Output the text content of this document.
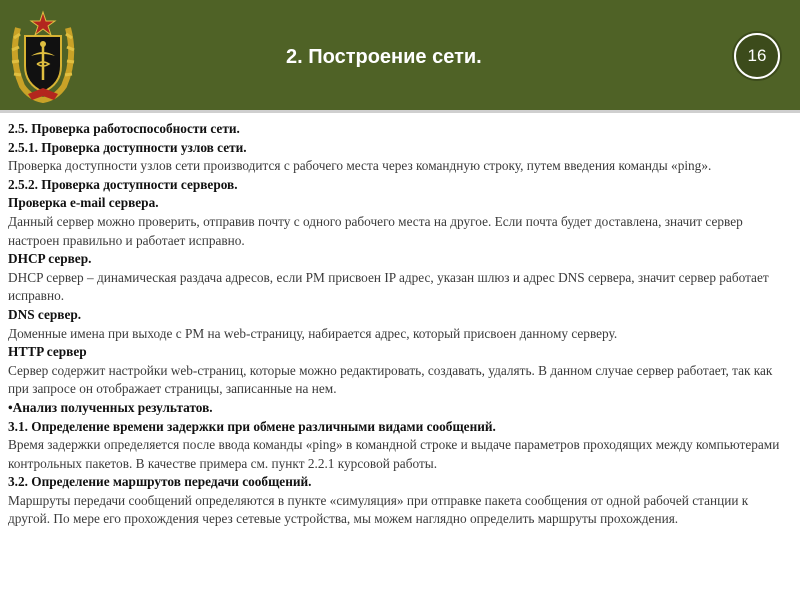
2. Построение сети.	16

2.5. Проверка работоспособности сети.

2.5.1. Проверка доступности узлов сети.

Проверка доступности узлов сети производится с рабочего места через командную строку, путем введения команды «ping».

2.5.2. Проверка доступности серверов.

Проверка e-mail сервера.

Данный сервер можно проверить, отправив почту с одного рабочего места на другое. Если почта будет доставлена, значит сервер настроен правильно и работает исправно.

DHCP сервер.

DHCP сервер – динамическая раздача адресов, если РМ присвоен IP адрес, указан шлюз и адрес DNS сервера, значит сервер работает исправно.

DNS сервер.

Доменные имена при выходе с РМ на web-страницу, набирается адрес, который присвоен данному серверу.

HTTP сервер

Сервер содержит настройки web-страниц, которые можно редактировать, создавать, удалять. В данном случае сервер работает, так как при запросе он отображает страницы, записанные на нем.

•Анализ полученных результатов.

3.1. Определение времени задержки при обмене различными видами сообщений.

Время задержки определяется после ввода команды «ping» в командной строке и выдаче параметров проходящих между компьютерами контрольных пакетов. В качестве примера см. пункт 2.2.1 курсовой работы.

3.2. Определение маршрутов передачи сообщений.

Маршруты передачи сообщений определяются в пункте «симуляция» при отправке пакета сообщения от одной рабочей станции к другой. По мере его прохождения через сетевые устройства, мы можем наглядно определить маршруты прохождения.
